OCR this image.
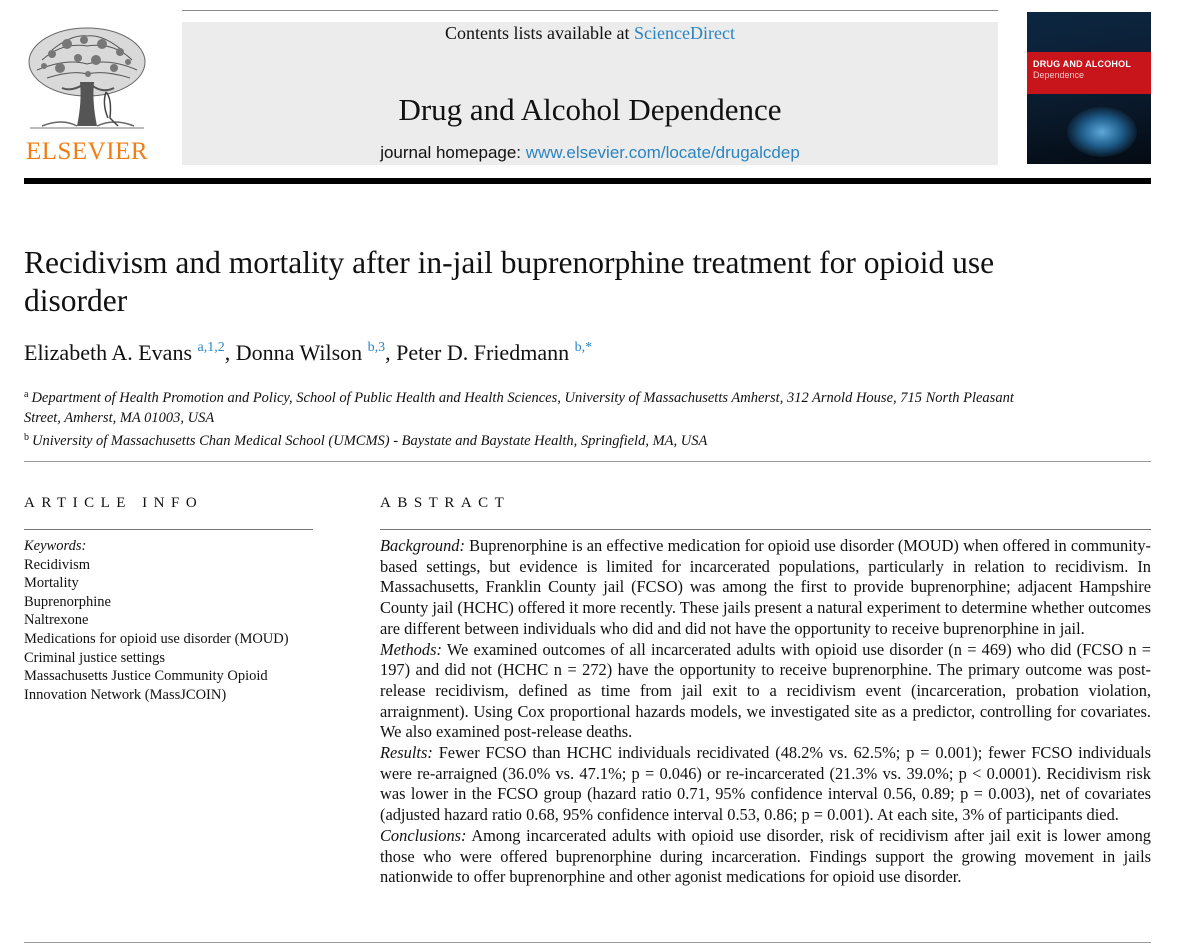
ELSEVIER
Contents lists available at ScienceDirect
Drug and Alcohol Dependence
journal homepage: www.elsevier.com/locate/drugalcdep
DRUG AND ALCOHOL
Dependence
Recidivism and mortality after in-jail buprenorphine treatment for opioid use disorder
Elizabeth A. Evans $^{a,1,2}$, Donna Wilson $^{b,3}$, Peter D. Friedmann $^{b,*}$
$^a$ Department of Health Promotion and Policy, School of Public Health and Health Sciences, University of Massachusetts Amherst, 312 Arnold House, 715 North Pleasant Street, Amherst, MA 01003, USA
$^b$ University of Massachusetts Chan Medical School (UMCMS) - Baystate and Baystate Health, Springfield, MA, USA
ARTICLE INFO
Keywords:
Recidivism
Mortality
Buprenorphine
Naltrexone
Medications for opioid use disorder (MOUD)
Criminal justice settings
Massachusetts Justice Community Opioid Innovation Network (MassJCOIN)
ABSTRACT

Background: Buprenorphine is an effective medication for opioid use disorder (MOUD) when offered in community-based settings, but evidence is limited for incarcerated populations, particularly in relation to recidivism. In Massachusetts, Franklin County jail (FCSO) was among the first to provide buprenorphine; adjacent Hampshire County jail (HCHC) offered it more recently. These jails present a natural experiment to determine whether outcomes are different between individuals who did and did not have the opportunity to receive buprenorphine in jail.

Methods: We examined outcomes of all incarcerated adults with opioid use disorder (n = 469) who did (FCSO n = 197) and did not (HCHC n = 272) have the opportunity to receive buprenorphine. The primary outcome was post-release recidivism, defined as time from jail exit to a recidivism event (incarceration, probation violation, arraignment). Using Cox proportional hazards models, we investigated site as a predictor, controlling for covariates. We also examined post-release deaths.

Results: Fewer FCSO than HCHC individuals recidivated (48.2% vs. 62.5%; p = 0.001); fewer FCSO individuals were re-arraigned (36.0% vs. 47.1%; p = 0.046) or re-incarcerated (21.3% vs. 39.0%; p < 0.0001). Recidivism risk was lower in the FCSO group (hazard ratio 0.71, 95% confidence interval 0.56, 0.89; p = 0.003), net of covariates (adjusted hazard ratio 0.68, 95% confidence interval 0.53, 0.86; p = 0.001). At each site, 3% of participants died.

Conclusions: Among incarcerated adults with opioid use disorder, risk of recidivism after jail exit is lower among those who were offered buprenorphine during incarceration. Findings support the growing movement in jails nationwide to offer buprenorphine and other agonist medications for opioid use disorder.
